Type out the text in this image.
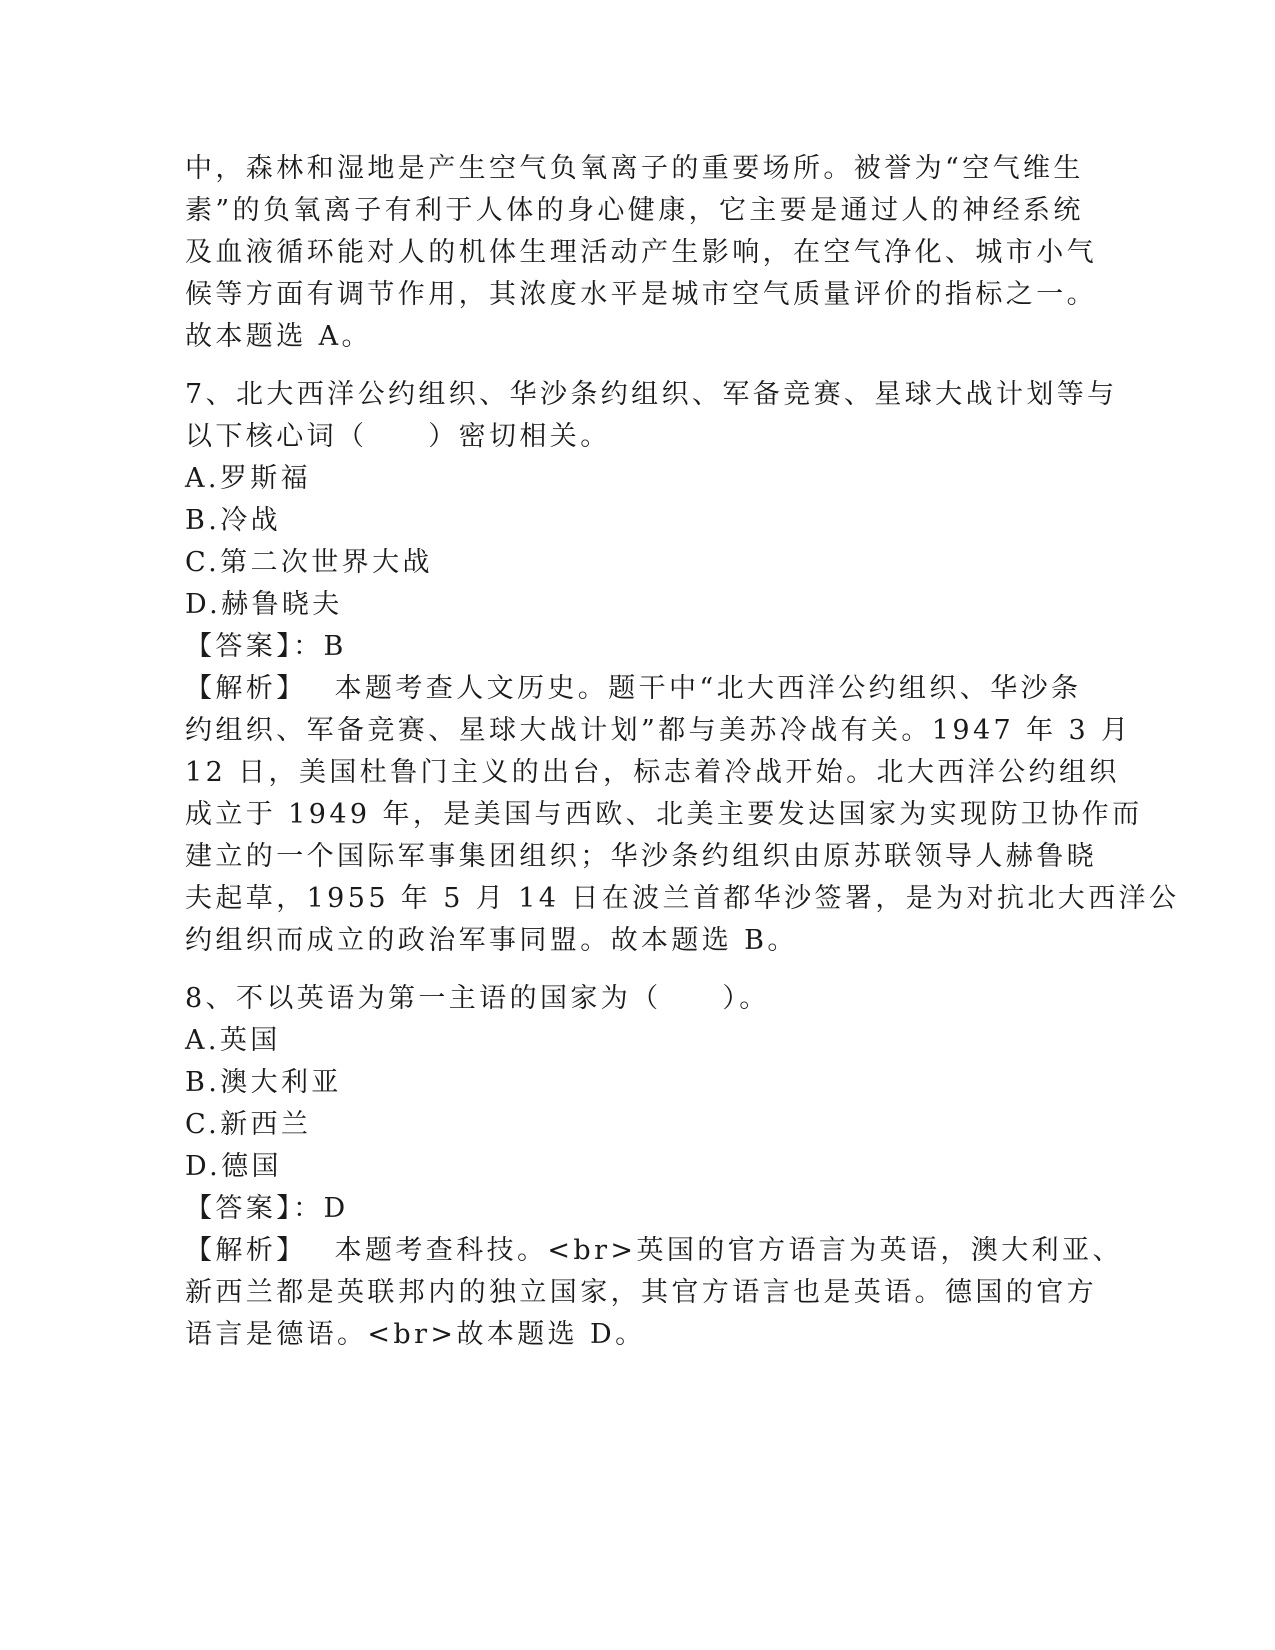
中，森林和湿地是产生空气负氧离子的重要场所。被誉为“空气维生
素”的负氧离子有利于人体的身心健康，它主要是通过人的神经系统
及血液循环能对人的机体生理活动产生影响，在空气净化、城市小气
候等方面有调节作用，其浓度水平是城市空气质量评价的指标之一。
故本题选 A。
7、北大西洋公约组织、华沙条约组织、军备竞赛、星球大战计划等与
以下核心词（　　）密切相关。
A.罗斯福
B.冷战
C.第二次世界大战
D.赫鲁晓夫
【答案】：B
【解析】 本题考查人文历史。题干中“北大西洋公约组织、华沙条
约组织、军备竞赛、星球大战计划”都与美苏冷战有关。1947 年 3 月
12 日，美国杜鲁门主义的出台，标志着冷战开始。北大西洋公约组织
成立于 1949 年，是美国与西欧、北美主要发达国家为实现防卫协作而
建立的一个国际军事集团组织；华沙条约组织由原苏联领导人赫鲁晓
夫起草，1955 年 5 月 14 日在波兰首都华沙签署，是为对抗北大西洋公
约组织而成立的政治军事同盟。故本题选 B。
8、不以英语为第一主语的国家为（　　）。
A.英国
B.澳大利亚
C.新西兰
D.德国
【答案】：D
【解析】 本题考查科技。<br>英国的官方语言为英语，澳大利亚、
新西兰都是英联邦内的独立国家，其官方语言也是英语。德国的官方
语言是德语。<br>故本题选 D。
